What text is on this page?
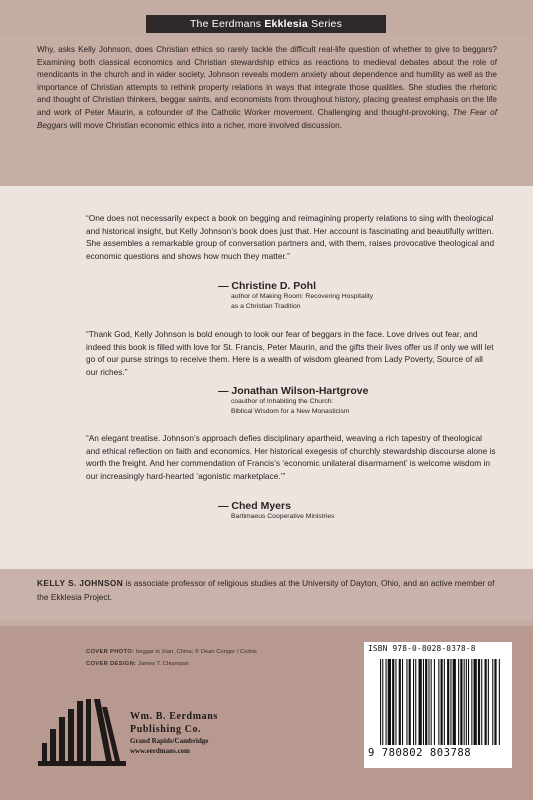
The Eerdmans Ekklesia Series

Why, asks Kelly Johnson, does Christian ethics so rarely tackle the difficult real-life question of whether to give to beggars? Examining both classical economics and Christian stewardship ethics as reactions to medieval debates about the role of mendicants in the church and in wider society, Johnson reveals modern anxiety about dependence and humility as well as the importance of Christian attempts to rethink property relations in ways that integrate those qualities. She studies the rhetoric and thought of Christian thinkers, beggar saints, and economists from throughout history, placing greatest emphasis on the life and work of Peter Maurin, a cofounder of the Catholic Worker movement. Challenging and thought-provoking, The Fear of Beggars will move Christian economic ethics into a richer, more involved discussion.

“One does not necessarily expect a book on begging and reimagining property relations to sing with theological and historical insight, but Kelly Johnson’s book does just that. Her account is fascinating and beautifully written. She assembles a remarkable group of conversation partners and, with them, raises provocative theological and economic questions and shows how much they matter.”

— Christine D. Pohl
author of Making Room: Recovering Hospitality
as a Christian Tradition

“Thank God, Kelly Johnson is bold enough to look our fear of beggars in the face. Love drives out fear, and indeed this book is filled with love for St. Francis, Peter Maurin, and the gifts their lives offer us if only we will let go of our purse strings to receive them. Here is a wealth of wisdom gleaned from Lady Poverty, Source of all our riches.”

— Jonathan Wilson-Hartgrove
coauthor of Inhabiting the Church:
Biblical Wisdom for a New Monasticism

“An elegant treatise. Johnson’s approach defies disciplinary apartheid, weaving a rich tapestry of theological and ethical reflection on faith and economics. Her historical exegesis of churchly stewardship discourse alone is worth the freight. And her commendation of Francis’s ‘economic unilateral disarmament’ is welcome wisdom in our increasingly hard-hearted ‘agonistic marketplace.’”

— Ched Myers
Bartimaeus Cooperative Ministries

KELLY S. JOHNSON is associate professor of religious studies at the University of Dayton, Ohio, and an active member of the Ekklesia Project.

COVER PHOTO: beggar in Xian, China; © Dean Conger / Corbis
COVER DESIGN: James T. Chiampas
Wm. B. Eerdmans
Publishing Co.
Grand Rapids/Cambridge
www.eerdmans.com
ISBN 978-0-8028-0378-8
9 780802 803788
